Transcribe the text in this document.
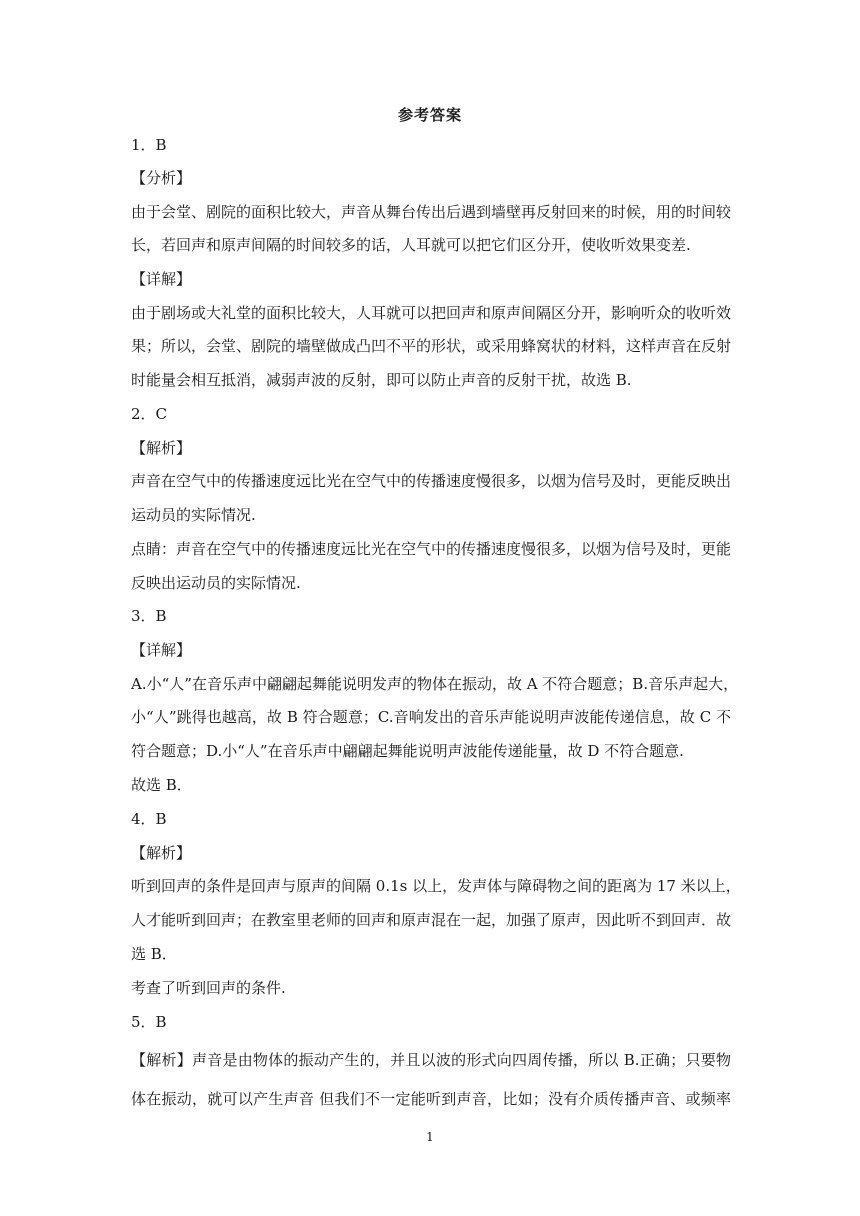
参考答案
1．B
【分析】
由于会堂、剧院的面积比较大，声音从舞台传出后遇到墙壁再反射回来的时候，用的时间较
长，若回声和原声间隔的时间较多的话，人耳就可以把它们区分开，使收听效果变差.
【详解】
由于剧场或大礼堂的面积比较大，人耳就可以把回声和原声间隔区分开，影响听众的收听效
果；所以，会堂、剧院的墙壁做成凸凹不平的形状，或采用蜂窝状的材料，这样声音在反射
时能量会相互抵消，减弱声波的反射，即可以防止声音的反射干扰，故选 B.
2．C
【解析】
声音在空气中的传播速度远比光在空气中的传播速度慢很多，以烟为信号及时，更能反映出
运动员的实际情况.
点睛：声音在空气中的传播速度远比光在空气中的传播速度慢很多，以烟为信号及时，更能
反映出运动员的实际情况.
3．B
【详解】
A.小“人”在音乐声中翩翩起舞能说明发声的物体在振动，故 A 不符合题意；B.音乐声起大，
小“人”跳得也越高，故 B 符合题意；C.音响发出的音乐声能说明声波能传递信息，故 C 不
符合题意；D.小“人”在音乐声中翩翩起舞能说明声波能传递能量，故 D 不符合题意.
故选 B．
4．B
【解析】
听到回声的条件是回声与原声的间隔 0.1s 以上，发声体与障碍物之间的距离为 17 米以上，
人才能听到回声；在教室里老师的回声和原声混在一起，加强了原声，因此听不到回声．故
选 B．
考查了听到回声的条件.
5．B
【解析】声音是由物体的振动产生的，并且以波的形式向四周传播，所以 B.正确；只要物
体在振动，就可以产生声音 但我们不一定能听到声音，比如；没有介质传播声音、或频率
1
